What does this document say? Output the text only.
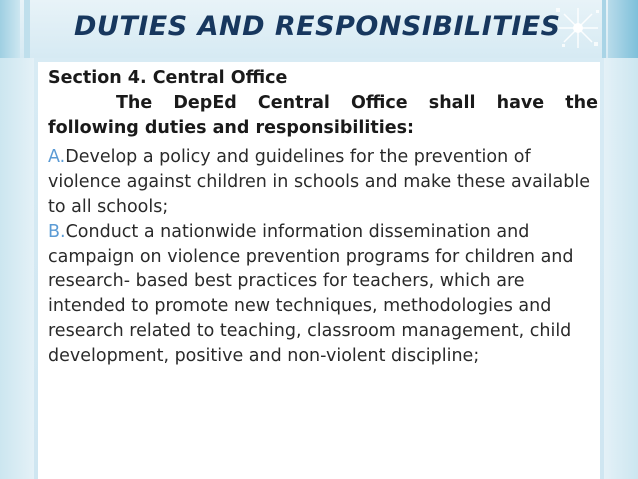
DUTIES AND RESPONSIBILITIES

Section 4. Central Office

The DepEd Central Office shall have the following duties and responsibilities:

A.Develop a policy and guidelines for the prevention of violence against children in schools and make these available to all schools;

B.Conduct a nationwide information dissemination and campaign on violence prevention programs for children and research- based best practices for teachers, which are intended to promote new techniques, methodologies and research related to teaching, classroom management, child development, positive and non-violent discipline;
